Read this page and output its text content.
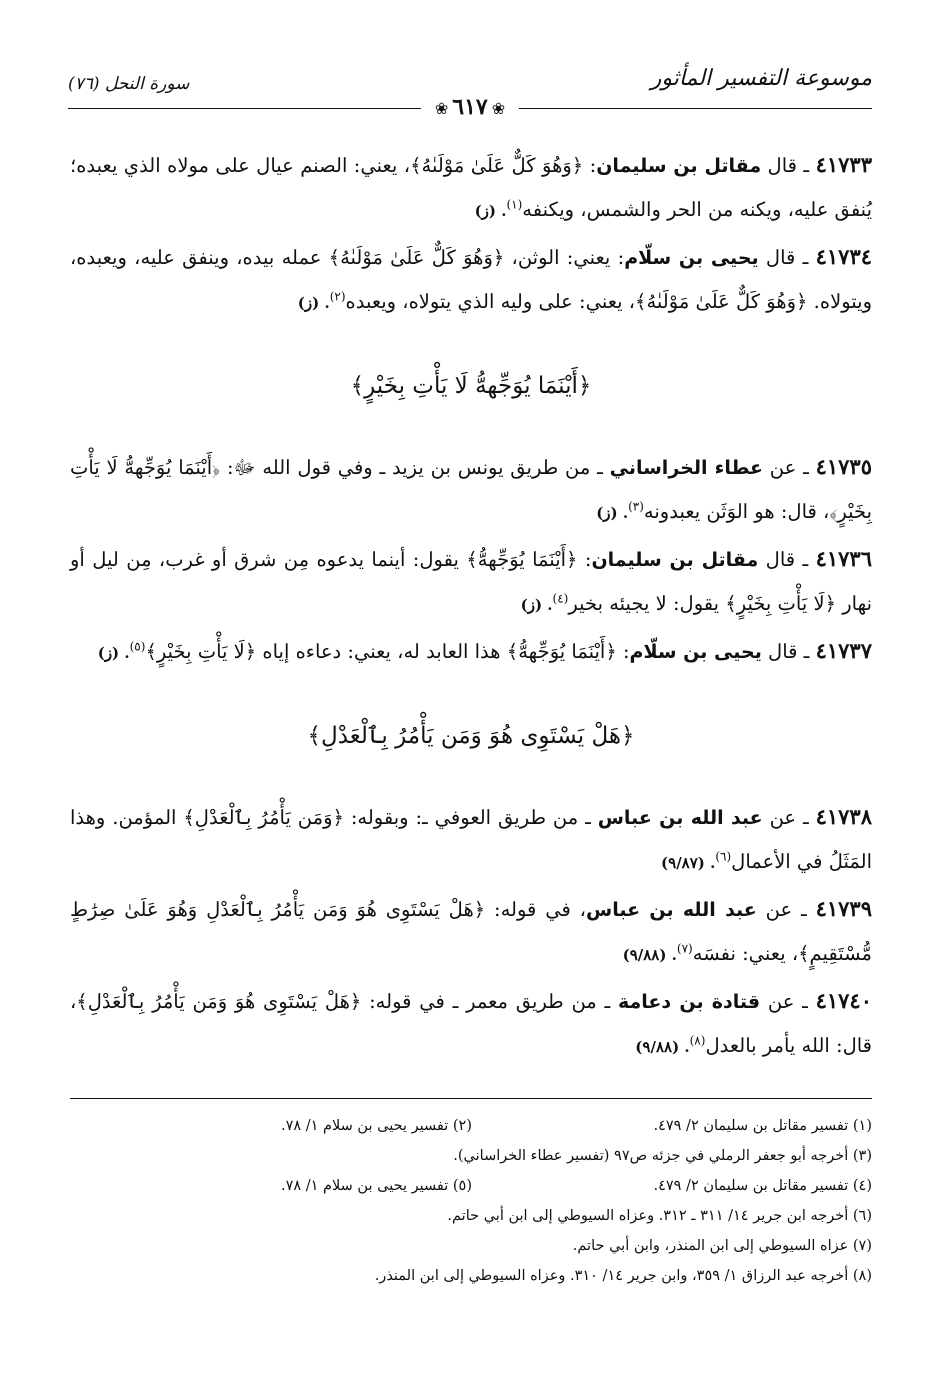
موسوعة التفسير المأثور
سورة النحل (٧٦)
❀٦١٧❀

٤١٧٣٣ ـ قال مقاتل بن سليمان: ﴿وَهُوَ كَلٌّ عَلَىٰ مَوْلَىٰهُ﴾، يعني: الصنم عيال على مولاه الذي يعبده؛ يُنفق عليه، ويكنه من الحر والشمس، ويكنفه$^{(١)}$. (ز)

٤١٧٣٤ ـ قال يحيى بن سلّام: يعني: الوثن، ﴿وَهُوَ كَلٌّ عَلَىٰ مَوْلَىٰهُ﴾ عمله بيده، وينفق عليه، ويعبده، ويتولاه. ﴿وَهُوَ كَلٌّ عَلَىٰ مَوْلَىٰهُ﴾، يعني: على وليه الذي يتولاه، ويعبده$^{(٢)}$. (ز)

﴿أَيْنَمَا يُوَجِّههُّ لَا يَأْتِ بِخَيْرٍ﴾

٤١٧٣٥ ـ عن عطاء الخراساني ـ من طريق يونس بن يزيد ـ وفي قول الله ﷻ: ﴿أَيْنَمَا يُوَجِّههُّ لَا يَأْتِ بِخَيْرٍ﴾، قال: هو الوَثَن يعبدونه$^{(٣)}$. (ز)

٤١٧٣٦ ـ قال مقاتل بن سليمان: ﴿أَيْنَمَا يُوَجِّههُّ﴾ يقول: أينما يدعوه مِن شرق أو غرب، مِن ليل أو نهار ﴿لَا يَأْتِ بِخَيْرٍ﴾ يقول: لا يجيئه بخير$^{(٤)}$. (ز)

٤١٧٣٧ ـ قال يحيى بن سلّام: ﴿أَيْنَمَا يُوَجِّههُّ﴾ هذا العابد له، يعني: دعاءه إياه ﴿لَا يَأْتِ بِخَيْرٍ﴾$^{(٥)}$. (ز)

﴿هَلْ يَسْتَوِى هُوَ وَمَن يَأْمُرُ بِٱلْعَدْلِ﴾

٤١٧٣٨ ـ عن عبد الله بن عباس ـ من طريق العوفي ـ: وبقوله: ﴿وَمَن يَأْمُرُ بِٱلْعَدْلِ﴾ المؤمن. وهذا المَثَلُ في الأعمال$^{(٦)}$. (٩/٨٧)

٤١٧٣٩ ـ عن عبد الله بن عباس، في قوله: ﴿هَلْ يَسْتَوِى هُوَ وَمَن يَأْمُرُ بِٱلْعَدْلِ وَهُوَ عَلَىٰ صِرَٰطٍ مُّسْتَقِيمٍ﴾، يعني: نفسَه$^{(٧)}$. (٩/٨٨)

٤١٧٤٠ ـ عن قتادة بن دعامة ـ من طريق معمر ـ في قوله: ﴿هَلْ يَسْتَوِى هُوَ وَمَن يَأْمُرُ بِٱلْعَدْلِ﴾، قال: الله يأمر بالعدل$^{(٨)}$. (٩/٨٨)

(١) تفسير مقاتل بن سليمان ٢/ ٤٧٩.
(٢) تفسير يحيى بن سلام ١/ ٧٨.
(٣) أخرجه أبو جعفر الرملي في جزئه ص٩٧ (تفسير عطاء الخراساني).
(٤) تفسير مقاتل بن سليمان ٢/ ٤٧٩.
(٥) تفسير يحيى بن سلام ١/ ٧٨.
(٦) أخرجه ابن جرير ١٤/ ٣١١ ـ ٣١٢. وعزاه السيوطي إلى ابن أبي حاتم.
(٧) عزاه السيوطي إلى ابن المنذر، وابن أبي حاتم.
(٨) أخرجه عبد الرزاق ١/ ٣٥٩، وابن جرير ١٤/ ٣١٠. وعزاه السيوطي إلى ابن المنذر.
